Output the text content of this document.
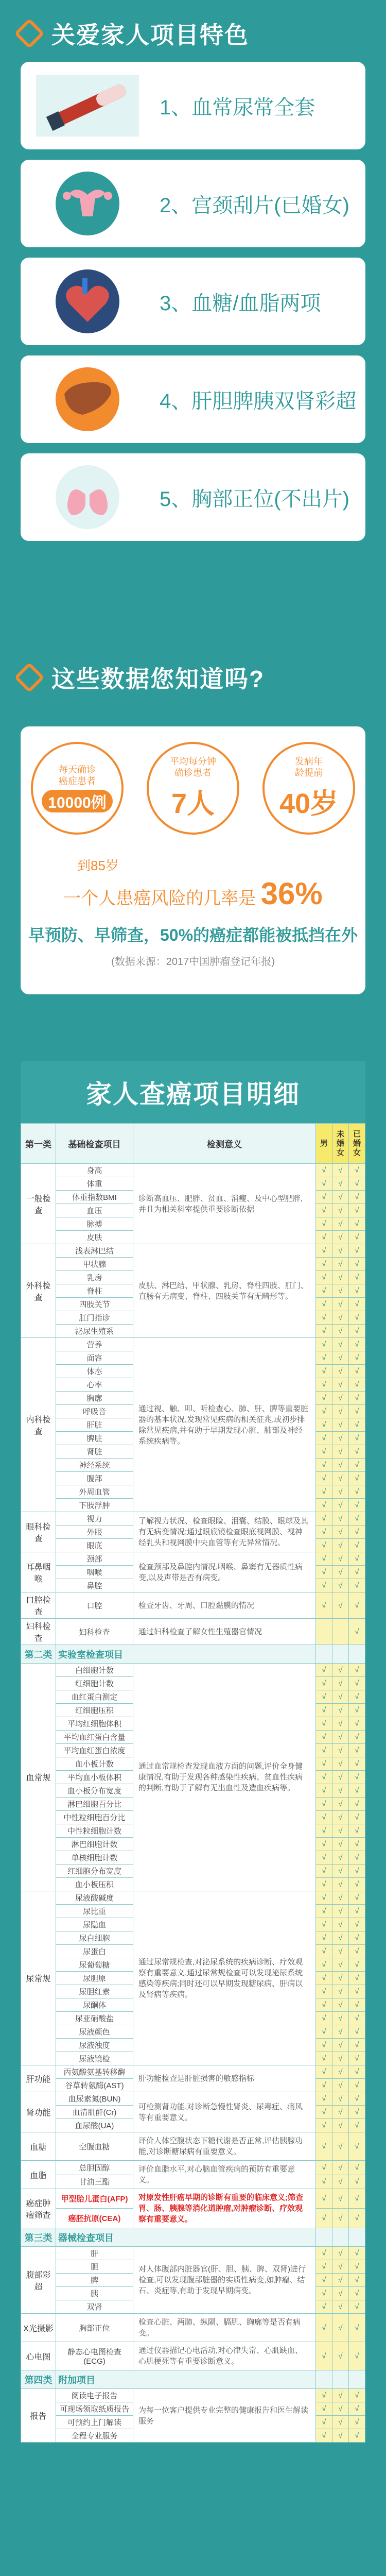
关爱家人项目特色
1、血常尿常全套
2、宫颈刮片(已婚女)
3、血糖/血脂两项
4、肝胆脾胰双肾彩超
5、胸部正位(不出片)
这些数据您知道吗?
每天确诊
癌症患者
10000例
平均每分钟
确诊患者
7人
发病年
龄提前
40岁
到85岁
一个人患癌风险的几率是 36%
早预防、早筛查，50%的癌症都能被抵挡在外
(数据来源：2017中国肿瘤登记年报)
家人查癌项目明细
第一类	基础检查项目	检测意义	男	未婚女	已婚女
一般检查	身高	诊断高血压、肥胖、贫血、消瘦、及中心型肥胖,并且为相关科室提供重要诊断依据	√	√	√
	体重		√	√	√
	体重指数BMI		√	√	√
	血压		√	√	√
	脉搏		√	√	√
	皮肤		√	√	√
外科检查	浅表淋巴结	皮肤、淋巴结、甲状腺、乳房、脊柱四肢、肛门、直肠有无病变、脊柱、四肢关节有无畸形等。	√	√	√
	甲状腺		√	√	√
	乳房		√	√	√
	脊柱		√	√	√
	四肢关节		√	√	√
	肛门指诊		√	√	√
	泌尿生殖系		√	√	√
内科检查	营养	通过视、触、叩、听检查心、肺、肝、脾等重要脏器的基本状况,发现常见疾病的相关征兆,或初步排除常见疾病,并有助于早期发现心脏、肺部及神经系统疾病等。	√	√	√
	面容		√	√	√
	体态		√	√	√
	心率		√	√	√
	胸廓		√	√	√
	呼吸音		√	√	√
	肝脏		√	√	√
	脾脏		√	√	√
	肾脏		√	√	√
	神经系统		√	√	√
	腹部		√	√	√
	外周血管		√	√	√
	下肢浮肿		√	√	√
眼科检查	视力	了解视力状况、检查眼睑、泪囊、结膜、眼球及其有无病变情况;通过眼底镜检查眼底视网膜、视神经乳头和视网膜中央血管等有无异常情况。	√	√	√
	外眼		√	√	√
	眼底		√	√	√
耳鼻咽喉	颈部	检查颈部及鼻腔内情况,咽喉、鼻窦有无器质性病变,以及声带是否有病变。	√	√	√
	咽喉		√	√	√
	鼻腔		√	√	√
口腔检查	口腔	检查牙齿、牙周、口腔黏膜的情况	√	√	√
妇科检查	妇科检查	通过妇科检查了解女性生殖器官情况			√
第二类	实验室检查项目				
血常规	白细胞计数	通过血常规检查发现血液方面的问题,评价全身健康情况,有助于发现各种感染性疾病、贫血性疾病的判断,有助于了解有无出血性及造血疾病等。	√	√	√
	红细胞计数		√	√	√
	血红蛋白测定		√	√	√
	红细胞压积		√	√	√
	平均红细胞体积		√	√	√
	平均血红蛋白含量		√	√	√
	平均血红蛋白浓度		√	√	√
	血小板计数		√	√	√
	平均血小板体积		√	√	√
	血小板分布宽度		√	√	√
	淋巴细胞百分比		√	√	√
	中性粒细胞百分比		√	√	√
	中性粒细胞计数		√	√	√
	淋巴细胞计数		√	√	√
	单核细胞计数		√	√	√
	红细胞分布宽度		√	√	√
	血小板压积		√	√	√
尿常规	尿液酸碱度	通过尿常规检查,对泌尿系统的疾病诊断、疗效观察有重要意义,通过尿常规检查可以发现泌尿系统感染等疾病;同时还可以早期发现糖尿病、肝病以及肾病等疾病。	√	√	√
	尿比重		√	√	√
	尿隐血		√	√	√
	尿白细胞		√	√	√
	尿蛋白		√	√	√
	尿葡萄糖		√	√	√
	尿胆原		√	√	√
	尿胆红素		√	√	√
	尿酮体		√	√	√
	尿亚硝酸盐		√	√	√
	尿液颜色		√	√	√
	尿液浊度		√	√	√
	尿液镜检		√	√	√
肝功能	丙氨酸氨基转移酶	肝功能检查是肝脏损害的敏感指标	√	√	√
	谷草转氨酶(AST)		√	√	√
肾功能	血尿素氮(BUN)	可检测肾功能,对诊断急慢性肾炎、尿毒症、痛风等有重要意义。	√	√	√
	血清肌酐(Cr)		√	√	√
	血尿酸(UA)		√	√	√
血糖	空腹血糖	评价人体空腹状态下糖代谢是否正常,评估胰腺功能,对诊断糖尿病有重要意义。	√	√	√
血脂	总胆固醇	评价血脂水平,对心脑血管疾病的预防有重要意义。	√	√	√
	甘油三酯		√	√	√
癌症肿瘤筛查	甲型胎儿蛋白(AFP)	对原发性肝癌早期的诊断有重要的临床意义;筛查胃、肠、胰腺等消化道肿瘤,对肿瘤诊断、疗效观察有重要意义。	√	√	√
	癌胚抗原(CEA)		√	√	√
第三类	器械检查项目				
腹部彩超	肝	对人体腹部内脏器官(肝、胆、胰、脾、双肾)进行检查,可以发现腹部脏器的实质性病变,如肿瘤、结石、炎症等,有助于发现早期病变。	√	√	√
	胆		√	√	√
	脾		√	√	√
	胰		√	√	√
	双肾		√	√	√
X光摄影	胸部正位	检查心脏、两肺、纵隔、膈肌、胸廓等是否有病变。	√	√	√
心电图	静态心电图检查(ECG)	通过仪器描记心电活动,对心律失常、心肌缺血、心肌梗死等有重要诊断意义。	√	√	√
第四类	附加项目				
报告	阅读电子报告	为每一位客户提供专业完整的健康报告和医生解读服务	√	√	√
	可现场领取纸质报告		√	√	√
	可预约上门解读		√	√	√
	全程专业服务		√	√	√
